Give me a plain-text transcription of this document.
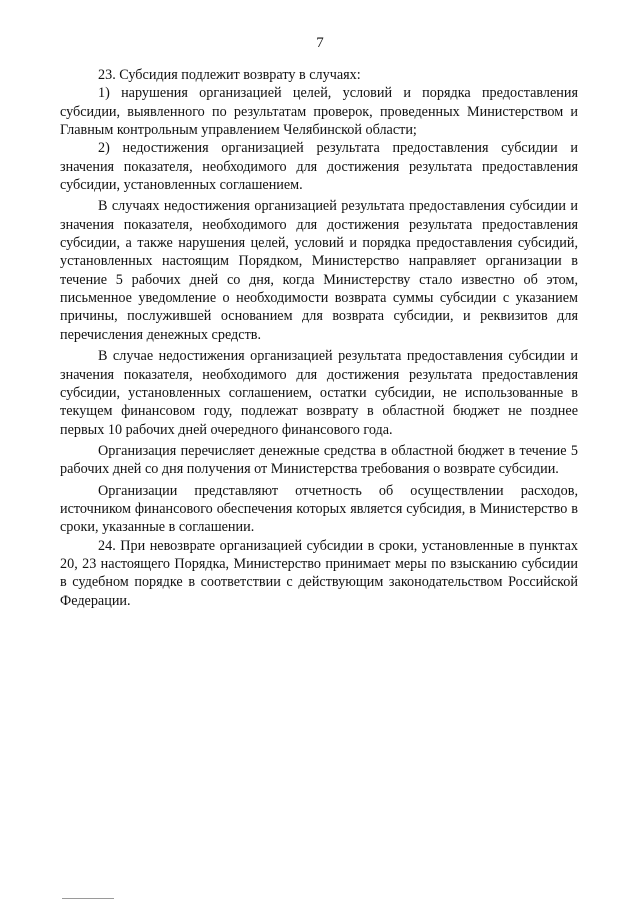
7

23. Субсидия подлежит возврату в случаях:

1) нарушения организацией целей, условий и порядка предоставления субсидии, выявленного по результатам проверок, проведенных Министерством и Главным контрольным управлением Челябинской области;

2) недостижения организацией результата предоставления субсидии и значения показателя, необходимого для достижения результата предоставления субсидии, установленных соглашением.

В случаях недостижения организацией результата предоставления субсидии и значения показателя, необходимого для достижения результата предоставления субсидии, а также нарушения целей, условий и порядка предоставления субсидий, установленных настоящим Порядком, Министерство направляет организации в течение 5 рабочих дней со дня, когда Министерству стало известно об этом, письменное уведомление о необходимости возврата суммы субсидии с указанием причины, послужившей основанием для возврата субсидии, и реквизитов для перечисления денежных средств.

В случае недостижения организацией результата предоставления субсидии и значения показателя, необходимого для достижения результата предоставления субсидии, установленных соглашением, остатки субсидии, не использованные в текущем финансовом году, подлежат возврату в областной бюджет не позднее первых 10 рабочих дней очередного финансового года.

Организация перечисляет денежные средства в областной бюджет в течение 5 рабочих дней со дня получения от Министерства требования о возврате субсидии.

Организации представляют отчетность об осуществлении расходов, источником финансового обеспечения которых является субсидия, в Министерство в сроки, указанные в соглашении.

24. При невозврате организацией субсидии в сроки, установленные в пунктах 20, 23 настоящего Порядка, Министерство принимает меры по взысканию субсидии в судебном порядке в соответствии с действующим законодательством Российской Федерации.
